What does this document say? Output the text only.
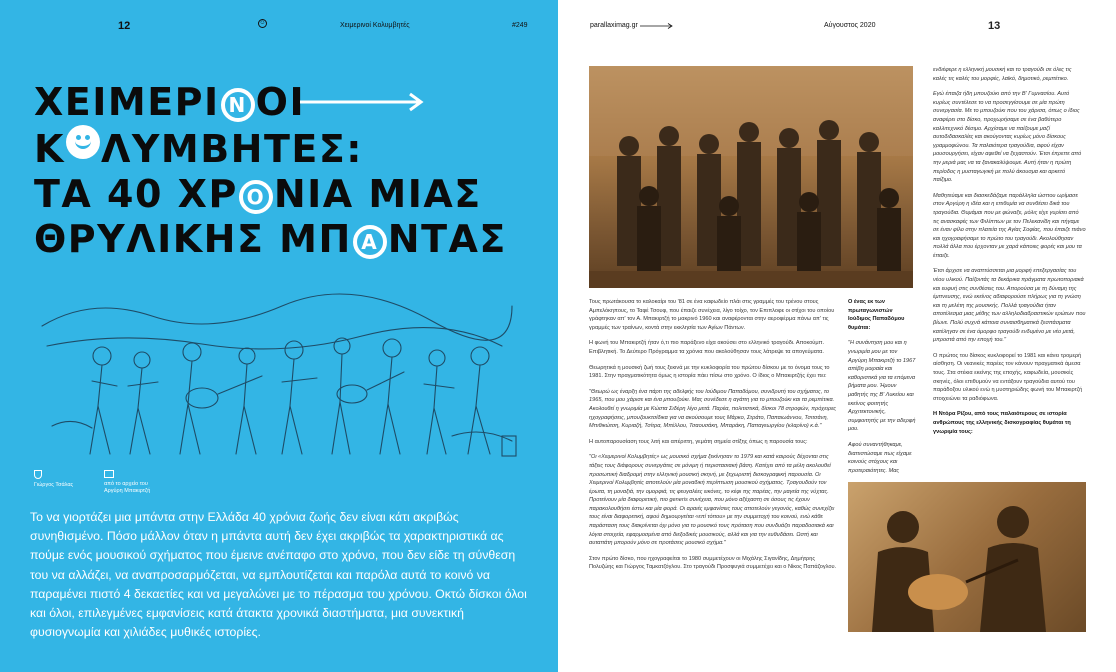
12	☺	Χειμερινοί Κολυμβητές	#249
ΧΕΙΜΕΡΙ Ν ΟΙ
Κ ΛΥΜΒΗΤΕΣ:
ΤΑ 40 ΧΡ Ο ΝΙΑ ΜΙΑΣ
ΘΡΥΛΙΚΗΣ ΜΠ Α ΝΤΑΣ
Γιώργος Τσάλας	από το αρχείο του
Αργύρη Μπακιρτζή

Το να γιορτάζει μια μπάντα στην Ελλάδα 40 χρόνια ζωής δεν είναι κάτι ακριβώς συνηθισμένο. Πόσο μάλλον όταν η μπάντα αυτή δεν έχει ακριβώς τα χαρακτηριστικά ας πούμε ενός μουσικού σχήματος που έμεινε ανέπαφο στο χρόνο, που δεν είδε τη σύνθεση του να αλλάζει, να αναπροσαρμόζεται, να εμπλουτίζεται και παρόλα αυτά το κοινό να παραμένει πιστό 4 δεκαετίες και να μεγαλώνει με το πέρασμα του χρόνου. Οκτώ δίσκοι όλοι και όλοι, επιλεγμένες εμφανίσεις κατά άτακτα χρονικά διαστήματα, μια συνεκτική φυσιογνωμία και χιλιάδες μυθικές ιστορίες.

parallaximag.gr	Αύγουστος 2020	13

Τους πρωτάκουσα το καλοκαίρι του '81 σε ένα καφωδείο πλάι στις γραμμές του τρένου στους Αμπελόκηπους, το Ταφέ Τσουφ, που έπαιζε συνέχεια, λίγο τοίχο, τον Επιπλοφε οι στίχοι του οποίου γράφτηκαν απ' τον Α. Μπακιρτζή το μακρινό 1960 και αναφέρονται στην αεροφέρμα πάνω απ' τις γραμμές των τραίνων, κοντά στην εκκλησία των Αγίων Πάντων.

Η φωνή του Μπακιρτζή ήταν ό,τι πιο παράξενο είχα ακούσει στο ελληνικό τραγούδι. Αποκούμπ. Επιβλητική. Το Δεύτερο Πρόγραμμα τα χρόνια που ακολούθησαν τους λάτρεψε τα απογεύματα.

Θεωρητικά η μουσική ζωή τους ξεκινά με την κυκλοφορία του πρώτου δίσκου με το όνομα τους το 1981. Στην πραγματικότητα όμως η ιστορία πάει πίσω στο χρόνο. Ο ίδιος ο Μπακιρτζής έχει πει:

"Θεωρώ ως έναρξη ένα πάρτι της αδελφής του Ιούδιμου Παπαδόμου, συνιδρυτή του σχήματος, το 1965, που μου χάρισε και ένα μπουζούκι. Μας συνέδεσε η αγάπη για το μπουζούκι και τα ρεμπέτικα. Ακολουθεί η γνωριμία με Κώστα Σιδέρη λίγο μετά. Παρέα, πολιτιστικά, δίσκοι 78 στροφών, πρόχειρες ηχογραφήσεις, μπουζουκτσίδικα για να ακούσουμε τους Μάρκο, Στράτο, Παπαιωάννου, Τσιτσάνη, Μπιθικώτση, Κυριαζή, Τσίτρα, Μπέλλου, Τσαουσάκη, Μπαράκη, Παπαγεωργίου (κλαρίνο) κ.ά."

Η αυτοπαρουσίαση τους λιτή και απέριττη, γεμάτη σημεία στίξης όπως η παρουσία τους:

"Οι «Χειμερινοί Κολυμβητές» ως μουσικό σχήμα ξεκίνησαν το 1979 και κατά καιρούς δέχονται στις τάξεις τους διάφορους συνεργάτες σε μόνιμη ή περιστασιακή βάση. Κατέχει από τα μέλη ακολουθεί προσωπική διαδρομή στην ελληνική μουσική σκηνή, με ξεχωριστή δισκογραφική παρουσία. Οι Χειμερινοί Κολυμβητές αποτελούν μία μοναδική περίπτωση μουσικού σχήματος. Τραγουδούν τον έρωτα, τη μοναξιά, την ομορφιά, τις φευγαλέες εικόνες, το κέφι της παρέας, την μαγεία της νύχτας. Προτείνουν μία διαφορετική, πιο generis συνέχεια, που μόνο αξέχαστη σε όσους τις έχουν παρακολουθήσει έστω και μία φορά. Οι αραιές εμφανίσεις τους αποτελούν γεγονός, καθώς συνεχίζει τους είναι διαφορετική, αφού δημιουργείται «επί τόπου» με την συμμετοχή του κοινού, ενώ κάθε παράσταση τους διακρίνεται όχι μόνο για το μουσικό τους πρόταση που συνδυάζει παραδοσιακά και λόγια στοιχεία, εφαρμοσμένα από διεξοδικές μουσικούς, αλλά και για την ευθυδάσει. Ωστή και αυταπάτη μπορούν μόνο σε προτάσεις μουσικό σχήμα."

Στον πρώτο δίσκο, που ηχογραφείται το 1980 συμμετέχουν οι Μιχάλης Σιγανίδης, Δημήτρης Πολυζώης και Γιώργος Ταμκατζόγλου. Στο τραγούδι Προσφυγιά συμμετέχει και ο Νίκος Παπάζογλου.

Ο ένας εκ των πρωταγωνιστών Ιούδιμος Παπαδόμου θυμάται:

"Η συνάντηση μου και η γνωριμία μου με τον Αργύρη Μπακιρτζή το 1967 απέβη μοιραία και καθοριστικά για τα επόμενα βήματα μου. Ήμουν μαθητής της Β' Λυκείου και εκείνος φοιτητής Αρχιτεκτονικής, συμφοιτητής με την αδερφή μου.

Αφού συναντήθηκαμε, διαπιστώσαμε πως είχαμε κοινούς στόχους και προτεραιότητες. Μας

ενδιέφερε η ελληνική μουσική και το τραγούδι σε όλες τις καλές τις καλές του μορφές, λαϊκό, δημοτικό, ρεμπέτικο.

Εγώ έπαιζα ήδη μπουζούκι από την Β' Γυμνασίου. Αυτό κυρίως συντέλεσε το να προσεγγίσουμε σε μία πρώτη συνεργασία. Με το μπουζούκι που του χάρισα, όπως ο ίδιος αναφέρει στο δίσκο, προχωρήσαμε σε ένα βαθύτερο καλλιτεχνικό δέσιμο. Αρχίσαμε να παίζουμε μαζί αυτοδιδασκαλίες και ακούγοντας κυρίως μόνο δίσκους γραμμοφώνου. Τα παλαιότερα τραγούδια, αφού είχαν μουσουργήσει, είχαν αφεθεί να ξεχαστούν. Έτσι έπρεπε από την μεριά μας να τα ξανακαλύψουμε. Αυτή ήταν η πρώτη περίοδος η μυσταγωγική με πολύ άκουσμα και αρκετό παίξιμο.

Μαθητεύαμε και διασκεδάζαμε παράλληλα ώσπου ωρίμασε στον Αργύρη η ιδέα και η επιθυμία να συνθέσει δικά του τραγούδια. Θυμάμαι που με φώναξε, μόλις είχε γυρίσει από τις ανασκαφές των Φιλίππων με τον Πελεκανίδη και πήγαμε σε έναν φίλο στην πλατεία της Αγίας Σοφίας, που έπαιζε πιάνο και ηχογραφήσαμε το πρώτο του τραγούδι. Ακολούθησαν πολλά άλλα που έρχονταν με χαρά κάποιες φορές και μου τα έπαιζε.

Έτσι άρχισε να αναπτύσσεται μια μορφή επεξεργασίας του νέου υλικού. Παίζοντάς τα δεκάρικα πράγματα πρωτοποριακά και ευφυή στις συνθέσεις του. Απορούσα με τη δύναμη της έμπνευσης, ενώ εκείνος αδιαφορούσε πλήρως για τη γνώση και τη μελέτη της μουσικής. Πολλά τραγούδια ήταν αποτέλεσμα μιας μέθης των αλληλοδιαδραστικών ερώτων που βίωνε. Πολύ συχνά κάποια συναισθηματικά ξεσπάσματα κατέληγαν σε ένα όμορφο τραγούδι ενδυμένο με νέο μετά, μπροστά από την εποχή του."

Ο πρώτος του δίσκος κυκλοφορεί το 1981 και κάνει τρομερή αίσθηση. Οι νεανικές παρέες τον κάνουν πραγματικά άμεσα τους. Στα στέκια εκείνης της εποχής, καφωδεία, μουσικές σκηνές, όλοι επιθυμούν να εντάξουν τραγούδια αυτού του παράδοξου υλικού ενώ η μυστηριώδης φωνή του Μπακιρτζή στοιχειώνει τα ραδιόφωνα.

Η Ντόρα Ρίζου, από τους παλαιότερους σε ιστορία ανθρώπους της ελληνικής δισκογραφίας θυμάται τη γνωριμία τους:
